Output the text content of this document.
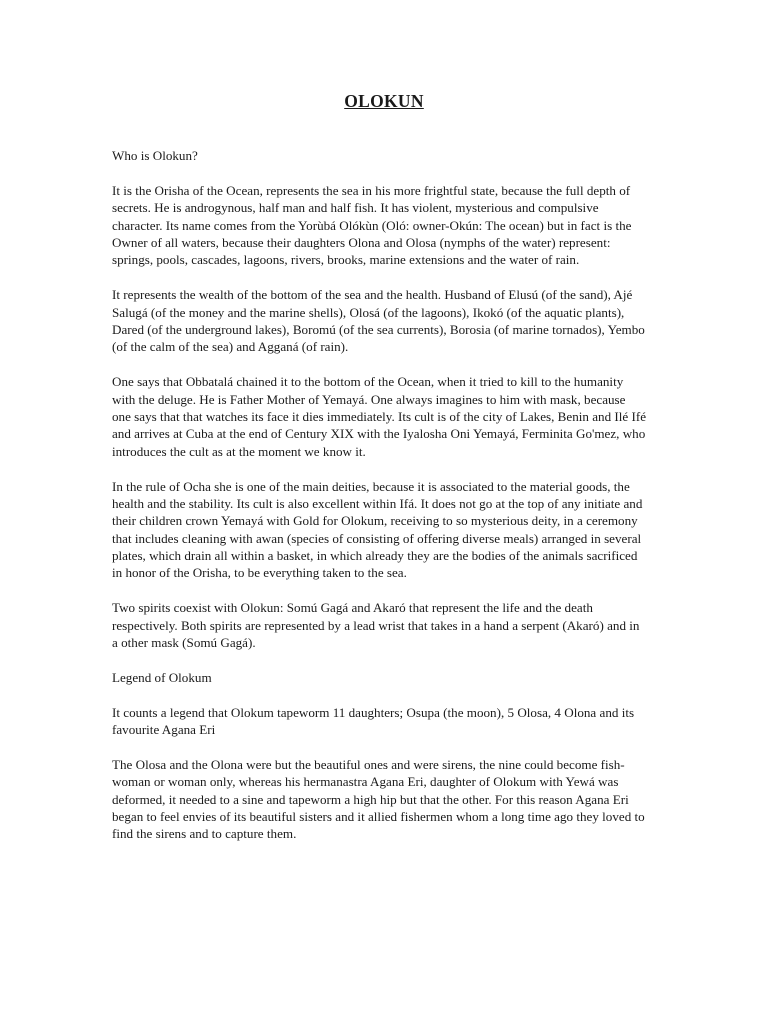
OLOKUN

Who is Olokun?

It is the Orisha of the Ocean, represents the sea in his more frightful state, because the full depth of secrets. He is androgynous, half man and half fish. It has violent, mysterious and compulsive character. Its name comes from the Yorùbá Olókùn (Oló: owner-Okún: The ocean) but in fact is the Owner of all waters, because their daughters Olona and Olosa (nymphs of the water) represent: springs, pools, cascades, lagoons, rivers, brooks, marine extensions and the water of rain.

It represents the wealth of the bottom of the sea and the health. Husband of Elusú (of the sand), Ajé Salugá (of the money and the marine shells), Olosá (of the lagoons), Ikokó (of the aquatic plants), Dared (of the underground lakes), Boromú (of the sea currents), Borosia (of marine tornados), Yembo (of the calm of the sea) and Agganá (of rain).

One says that Obbatalá chained it to the bottom of the Ocean, when it tried to kill to the humanity with the deluge. He is Father Mother of Yemayá. One always imagines to him with mask, because one says that that watches its face it dies immediately. Its cult is of the city of Lakes, Benin and Ilé Ifé and arrives at Cuba at the end of Century XIX with the Iyalosha Oni Yemayá, Ferminita Go'mez, who introduces the cult as at the moment we know it.

In the rule of Ocha she is one of the main deities, because it is associated to the material goods, the health and the stability. Its cult is also excellent within Ifá. It does not go at the top of any initiate and their children crown Yemayá with Gold for Olokum, receiving to so mysterious deity, in a ceremony that includes cleaning with awan (species of consisting of offering diverse meals) arranged in several plates, which drain all within a basket, in which already they are the bodies of the animals sacrificed in honor of the Orisha, to be everything taken to the sea.

Two spirits coexist with Olokun: Somú Gagá and Akaró that represent the life and the death respectively. Both spirits are represented by a lead wrist that takes in a hand a serpent (Akaró) and in a other mask (Somú Gagá).

Legend of Olokum

It counts a legend that Olokum tapeworm 11 daughters; Osupa (the moon), 5 Olosa, 4 Olona and its favourite Agana Eri

The Olosa and the Olona were but the beautiful ones and were sirens, the nine could become fish-woman or woman only, whereas his hermanastra Agana Eri, daughter of Olokum with Yewá was deformed, it needed to a sine and tapeworm a high hip but that the other. For this reason Agana Eri began to feel envies of its beautiful sisters and it allied fishermen whom a long time ago they loved to find the sirens and to capture them.
